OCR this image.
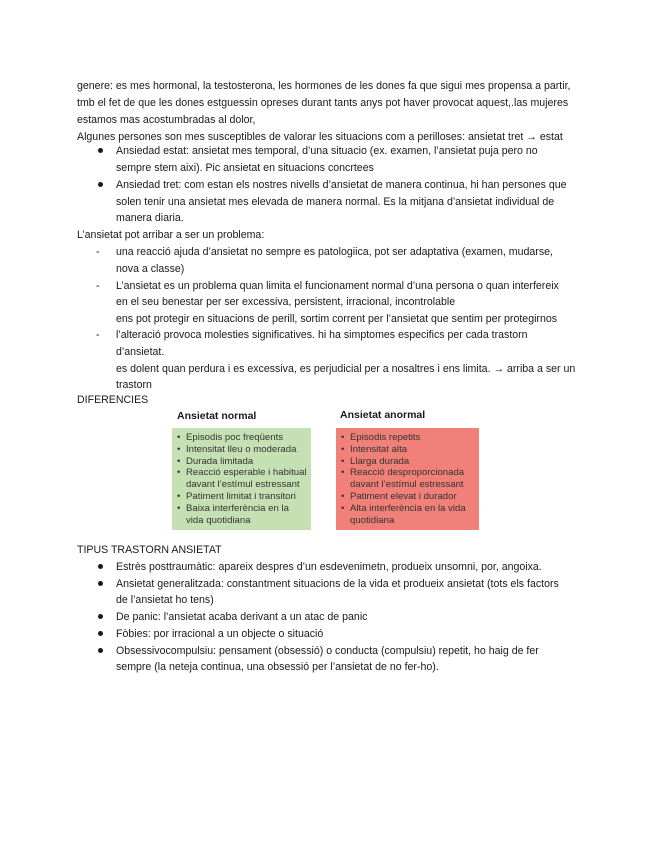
genere: es mes hormonal, la testosterona, les hormones de les dones fa que sigui mes propensa a partir,
tmb el fet de que les dones estguessin opreses durant tants anys pot haver provocat aquest,.las mujeres
estamos mas acostumbradas al dolor,
Algunes persones son mes susceptibles de valorar les situacions com a perilloses: ansietat tret → estat
Ansiedad estat: ansietat mes temporal, d’una situacio (ex. examen, l’ansietat puja pero no
sempre stem aixi). Pic ansietat en situacions concrtees
Ansiedad tret: com estan els nostres nivells d’ansietat de manera continua, hi han persones que
solen tenir una ansietat mes elevada de manera normal. Es la mitjana d’ansietat individual de
manera diaria.
L’ansietat pot arribar a ser un problema:
- una reacció ajuda d’ansietat no sempre es patologiica, pot ser adaptativa (examen, mudarse,
nova a classe)
- L’ansietat es un problema quan limita el funcionament normal d’una persona o quan interfereix
en el seu benestar per ser excessiva, persistent, irracional, incontrolable
ens pot protegir en situacions de perill, sortim corrent per l’ansietat que sentim per protegirnos
- l’alteració provoca molesties significatives. hi ha simptomes especifics per cada trastorn
d’ansietat.
es dolent quan perdura i es excessiva, es perjudicial per a nosaltres i ens limita. → arriba a ser un
trastorn
DIFERENCIES
Ansietat normal	Ansietat anormal
• Episodis poc freqüents
• Intensitat lleu o moderada
• Durada limitada
• Reacció esperable i habitual davant l’estímul estressant
• Patiment limitat i transitori
• Baixa interferència en la vida quotidiana
• Episodis repetits
• Intensitat alta
• Llarga durada
• Reacció desproporcionada davant l’estímul estressant
• Patiment elevat i durador
• Alta interferència en la vida quotidiana
TIPUS TRASTORN ANSIETAT
Estrès posttraumàtic: apareix despres d’un esdevenimetn, produeix unsomni, por, angoixa.
Ansietat generalitzada: constantment situacions de la vida et produeix ansietat (tots els factors
de l’ansietat ho tens)
De panic: l’ansietat acaba derivant a un atac de panic
Fòbies: por irracional a un objecte o situació
Obsessivocompulsiu: pensament (obsessió) o conducta (compulsiu) repetit, ho haig de fer
sempre (la neteja continua, una obsessió per l’ansietat de no fer-ho).
